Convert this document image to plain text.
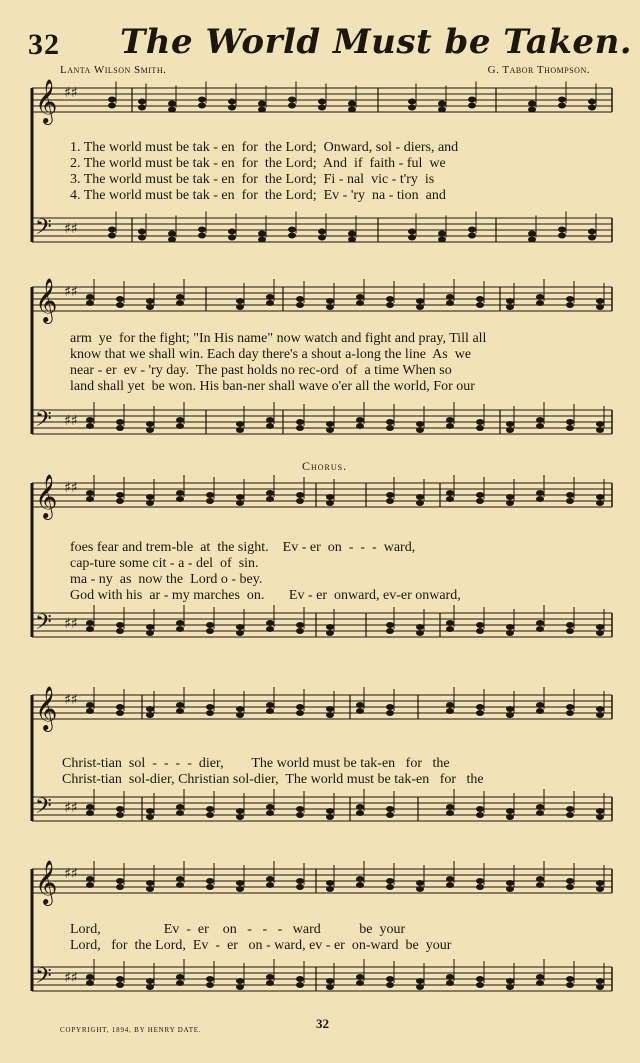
32 The World Must be Taken.
Lanta Wilson Smith.	G. Tabor Thompson.
𝄞 ♯♯
𝄢 ♯♯
𝄞 ♯♯
𝄢 ♯♯
𝄞 ♯♯
𝄢 ♯♯
𝄞 ♯♯
𝄢 ♯♯
𝄞 ♯♯
𝄢 ♯♯
1. The world must be tak - en  for  the Lord;  Onward, sol - diers, and
2. The world must be tak - en  for  the Lord;  And  if  faith - ful  we
3. The world must be tak - en  for  the Lord;  Fi - nal  vic - t'ry  is
4. The world must be tak - en  for  the Lord;  Ev - 'ry  na - tion  and
arm  ye  for the fight; "In His name" now watch and fight and pray, Till all
know that we shall win. Each day there's a shout a-long the line  As  we
near - er  ev - 'ry day.  The past holds no rec-ord  of  a time When so
land shall yet  be won. His ban-ner shall wave o'er all the world, For our
Chorus.
foes fear and trem-ble  at  the sight.    Ev - er  on  -  -  -  ward,
cap-ture some cit - a - del  of  sin.
ma - ny  as  now the  Lord o - bey.
God with his  ar - my marches  on.       Ev - er  onward, ev-er onward,
Christ-tian  sol  -  -  -  -  dier,        The world must be tak-en   for   the
Christ-tian  sol-dier, Christian sol-dier,  The world must be tak-en   for   the
Lord,                  Ev  -  er    on   -   -   -   ward           be  your
Lord,   for  the Lord,  Ev  -  er   on - ward, ev - er  on-ward  be  your
COPYRIGHT, 1894, BY HENRY DATE.	32
